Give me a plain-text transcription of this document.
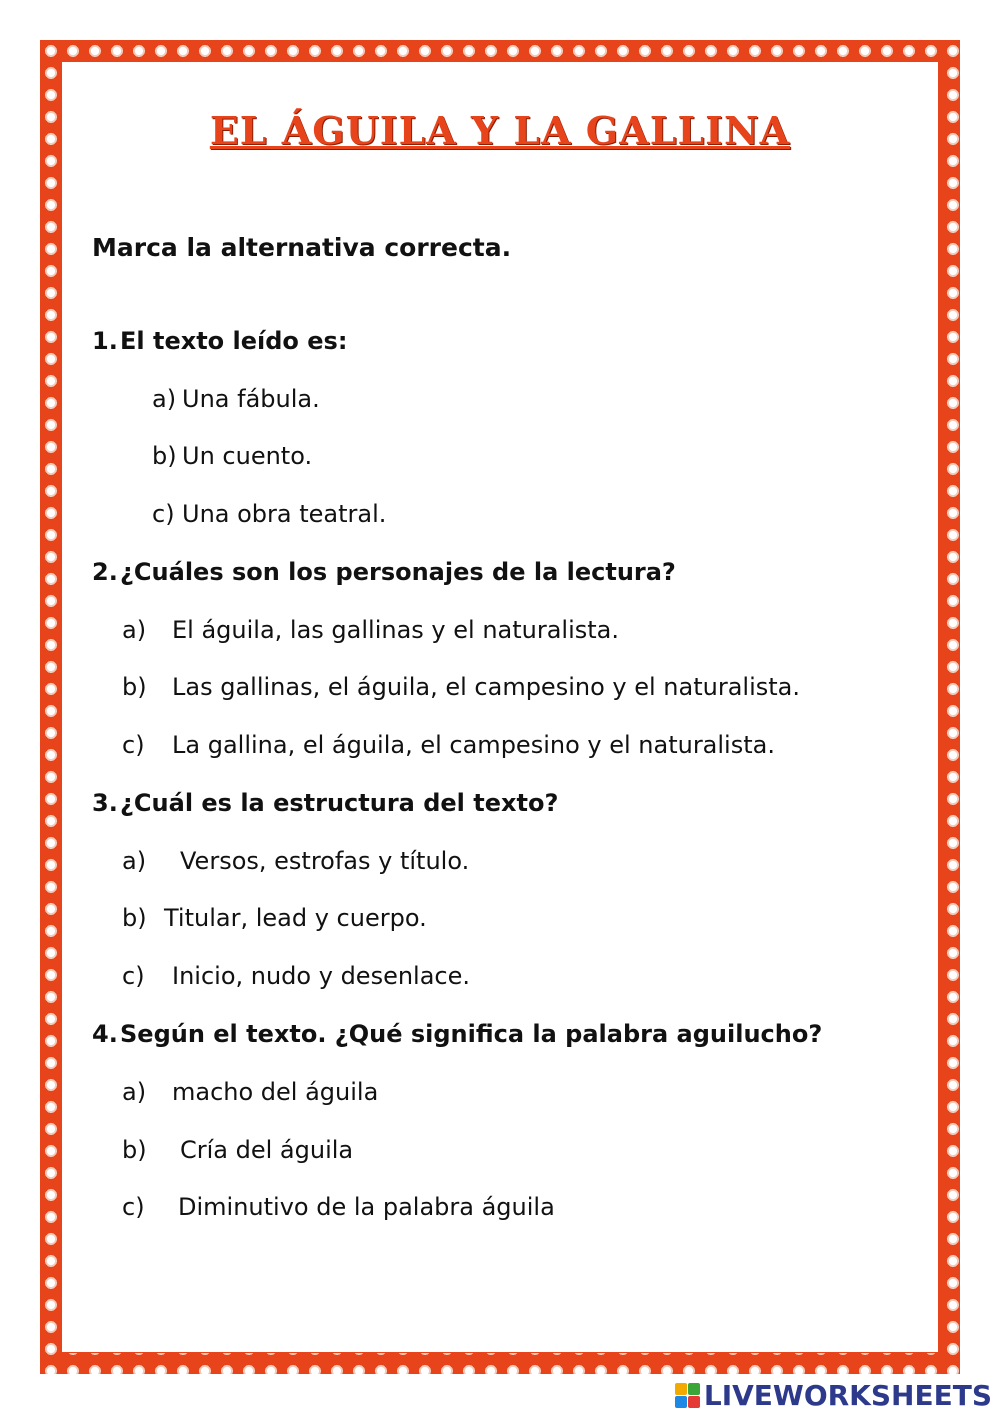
EL ÁGUILA Y LA GALLINA
Marca la alternativa correcta.
1.El texto leído es:
a) Una fábula.
b) Un cuento.
c) Una obra teatral.
2.¿Cuáles son los personajes de la lectura?
a) El águila, las gallinas y el naturalista.
b) Las gallinas, el águila, el campesino y el naturalista.
c) La gallina, el águila, el campesino y el naturalista.
3.¿Cuál es la estructura del texto?
a) Versos, estrofas y título.
b) Titular, lead y cuerpo.
c) Inicio, nudo y desenlace.
4.Según el texto. ¿Qué significa la palabra aguilucho?
a) macho del águila
b) Cría del águila
c) Diminutivo de la palabra águila
LIVEWORKSHEETS
